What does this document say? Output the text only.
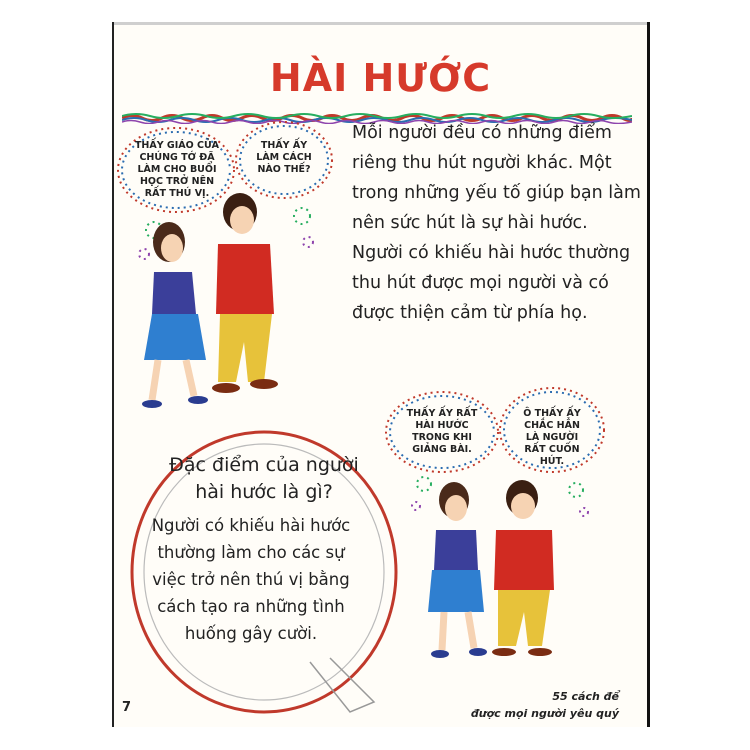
HÀI HƯỚC
Mỗi người đều có những điểm riêng thu hút người khác. Một trong những yếu tố giúp bạn làm nên sức hút là sự hài hước. Người có khiếu hài hước thường thu hút được mọi người và có được thiện cảm từ phía họ.
THẤY GIÁO CỦA CHÚNG TỚ ĐÃ LÀM CHO BUỔI HỌC TRỞ NÊN RẤT THÚ VỊ.
THẤY ẤY LÀM CÁCH NÀO THẾ?
THẤY ẤY RẤT HÀI HƯỚC TRONG KHI GIẢNG BÀI.
Ô THẤY ẤY CHẮC HẲN LÀ NGƯỜI RẤT CUỐN HÚT.
Đặc điểm của người hài hước là gì?
Người có khiếu hài hước thường làm cho các sự việc trở nên thú vị bằng cách tạo ra những tình huống gây cười.
7
55 cách để
được mọi người yêu quý
